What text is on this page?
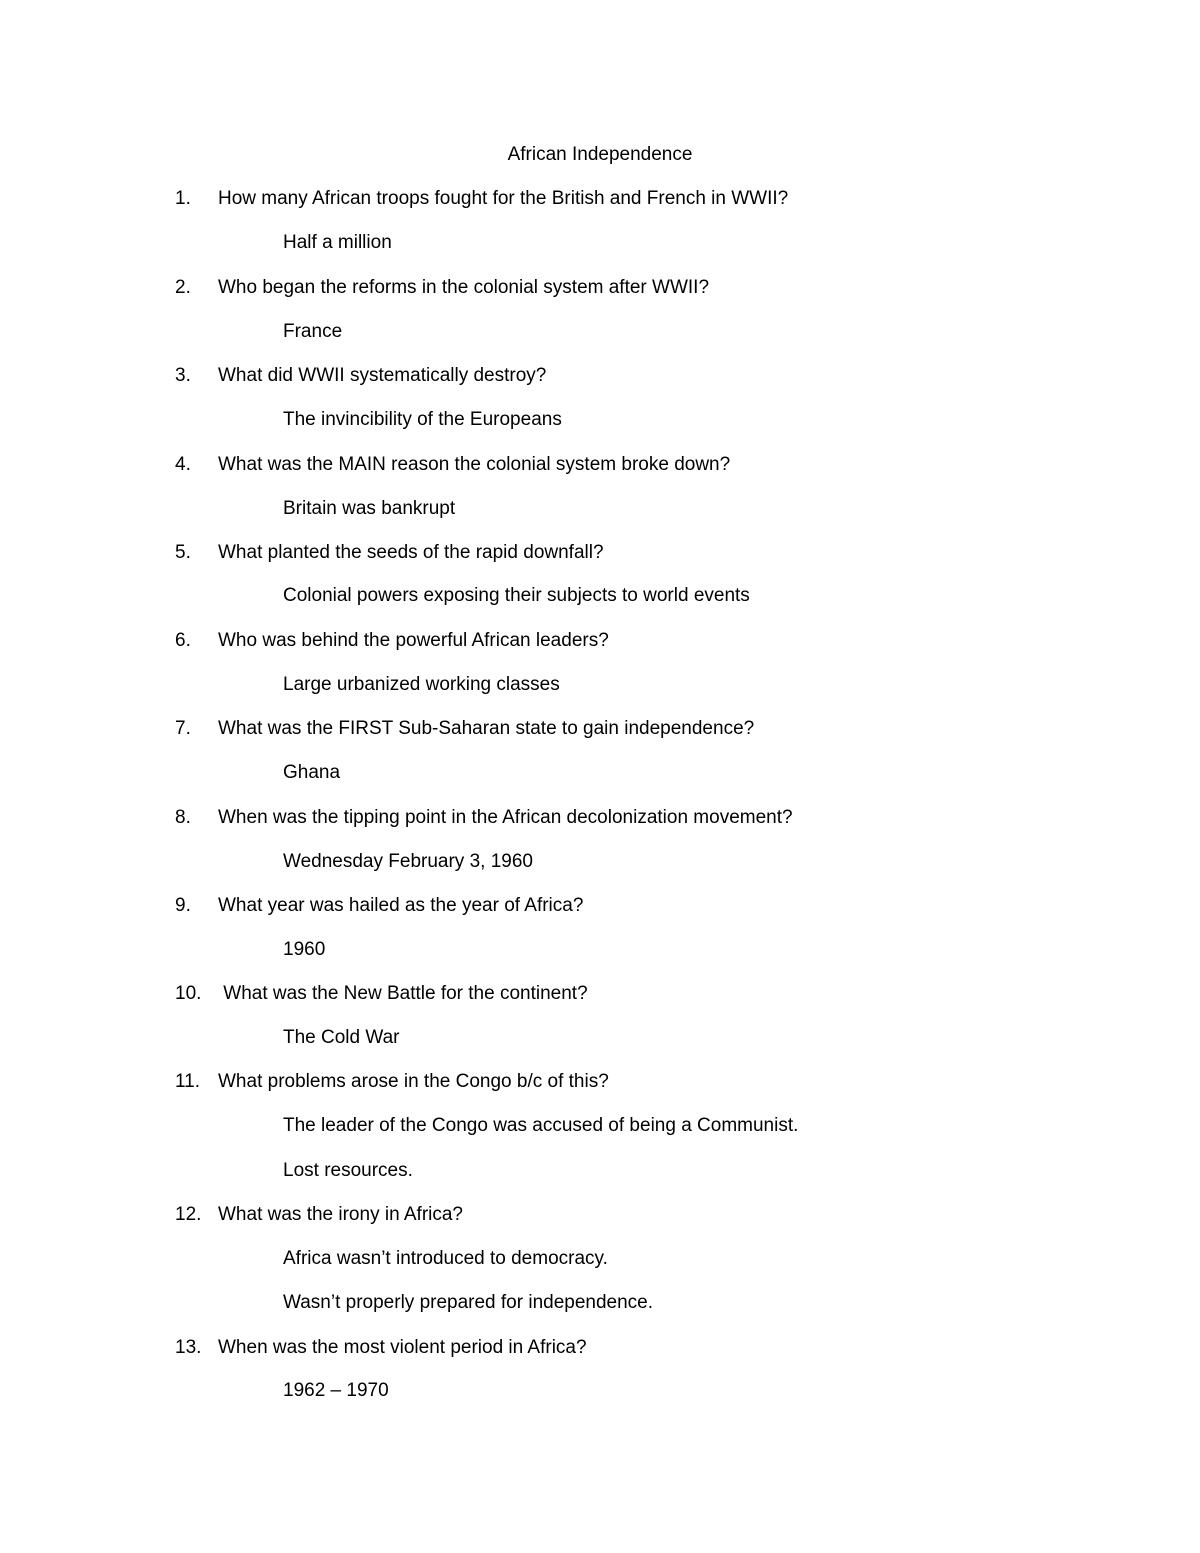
African Independence
1. How many African troops fought for the British and French in WWII?
Half a million
2. Who began the reforms in the colonial system after WWII?
France
3. What did WWII systematically destroy?
The invincibility of the Europeans
4. What was the MAIN reason the colonial system broke down?
Britain was bankrupt
5. What planted the seeds of the rapid downfall?
Colonial powers exposing their subjects to world events
6. Who was behind the powerful African leaders?
Large urbanized working classes
7. What was the FIRST Sub-Saharan state to gain independence?
Ghana
8. When was the tipping point in the African decolonization movement?
Wednesday February 3, 1960
9. What year was hailed as the year of Africa?
1960
10. What was the New Battle for the continent?
The Cold War
11. What problems arose in the Congo b/c of this?
The leader of the Congo was accused of being a Communist.
Lost resources.
12. What was the irony in Africa?
Africa wasn’t introduced to democracy.
Wasn’t properly prepared for independence.
13. When was the most violent period in Africa?
1962 – 1970
